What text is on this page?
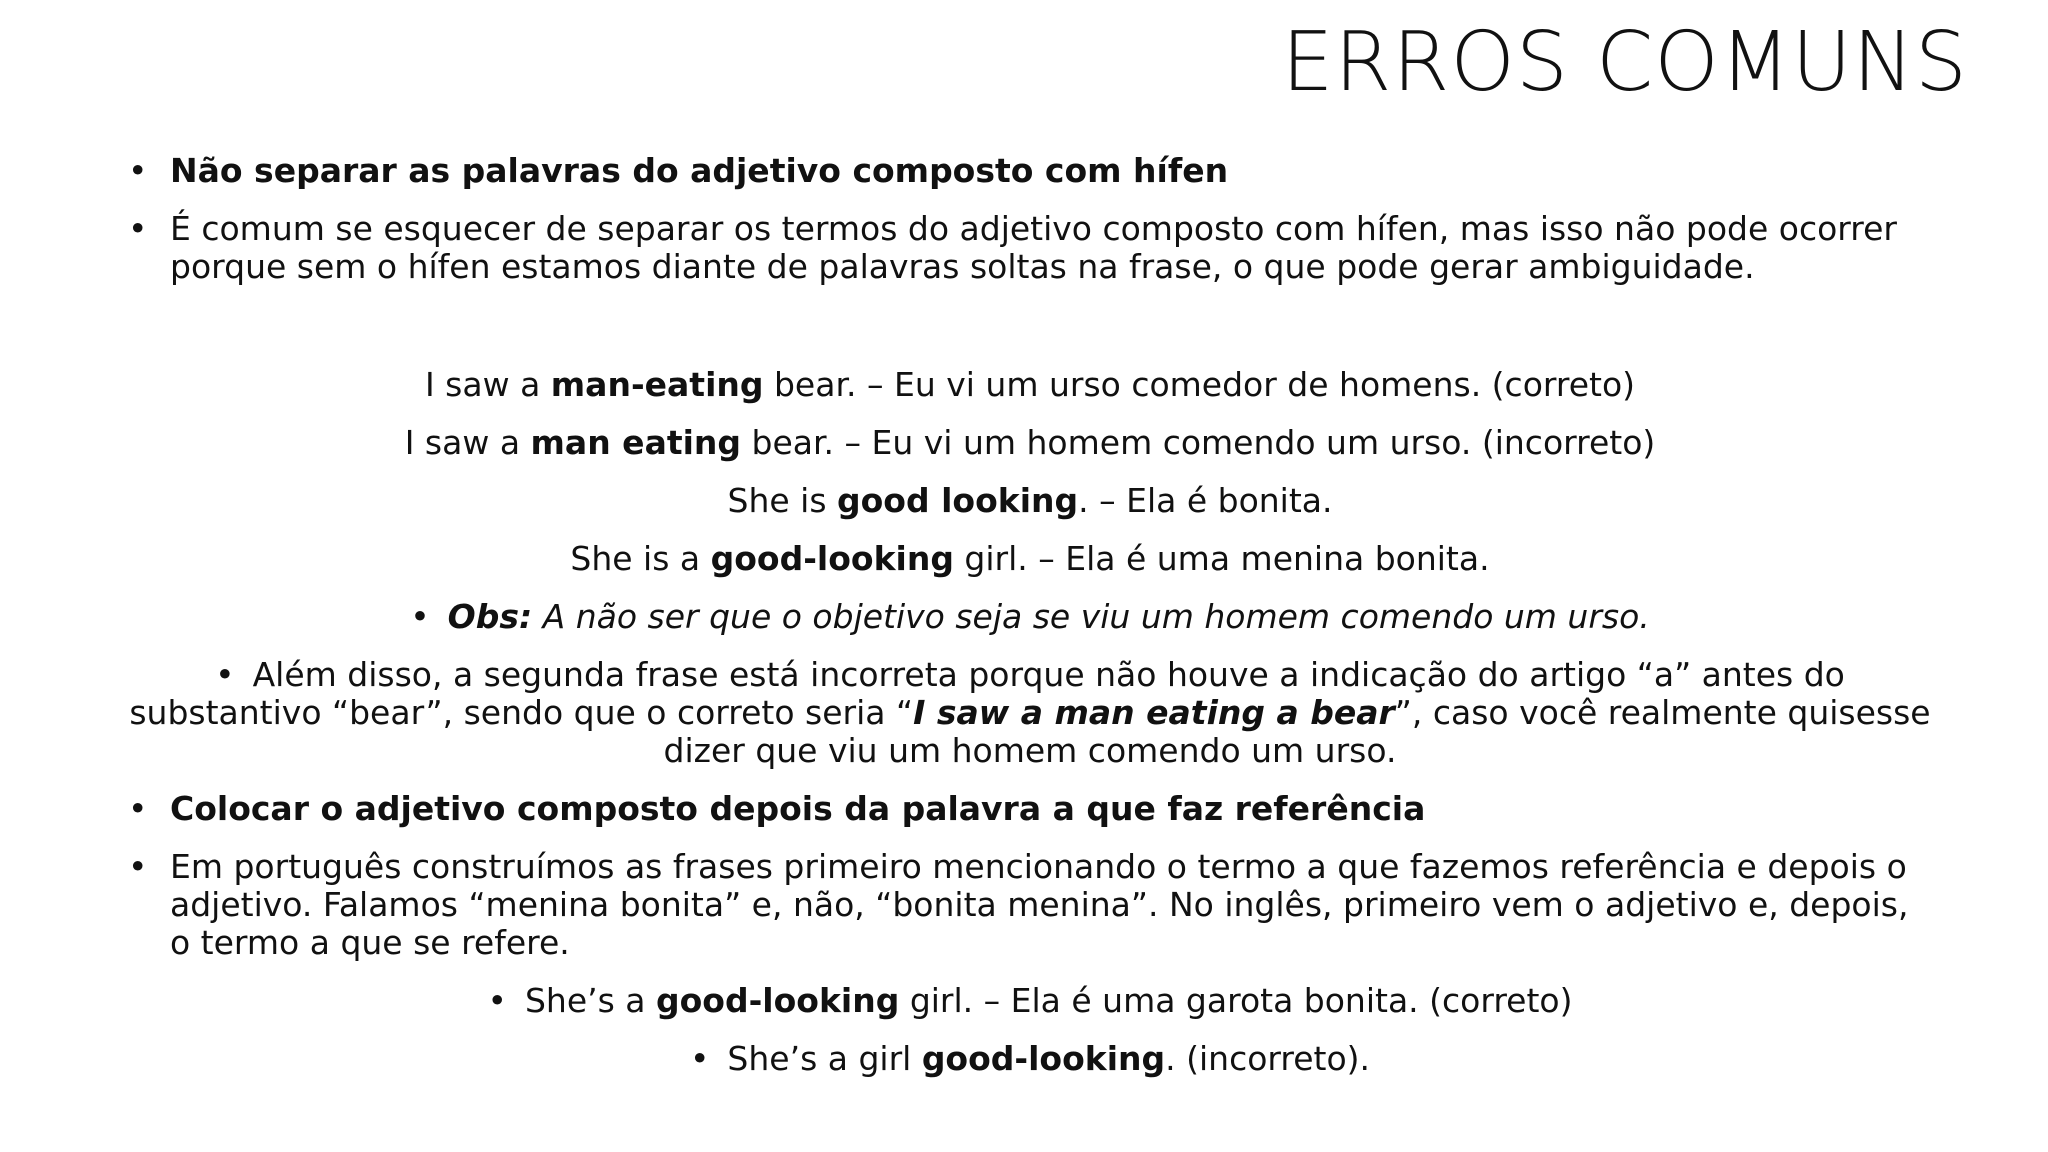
ERROS COMUNS
• Não separar as palavras do adjetivo composto com hífen
• É comum se esquecer de separar os termos do adjetivo composto com hífen, mas isso não pode ocorrer porque sem o hífen estamos diante de palavras soltas na frase, o que pode gerar ambiguidade.
I saw a man-eating bear. – Eu vi um urso comedor de homens. (correto)
I saw a man eating bear. – Eu vi um homem comendo um urso. (incorreto)
She is good looking. – Ela é bonita.
She is a good-looking girl. – Ela é uma menina bonita.
• Obs: A não ser que o objetivo seja se viu um homem comendo um urso.
• Além disso, a segunda frase está incorreta porque não houve a indicação do artigo “a” antes do substantivo “bear”, sendo que o correto seria “I saw a man eating a bear”, caso você realmente quisesse dizer que viu um homem comendo um urso.
• Colocar o adjetivo composto depois da palavra a que faz referência
• Em português construímos as frases primeiro mencionando o termo a que fazemos referência e depois o adjetivo. Falamos “menina bonita” e, não, “bonita menina”. No inglês, primeiro vem o adjetivo e, depois, o termo a que se refere.
• She’s a good-looking girl. – Ela é uma garota bonita. (correto)
• She’s a girl good-looking. (incorreto).
